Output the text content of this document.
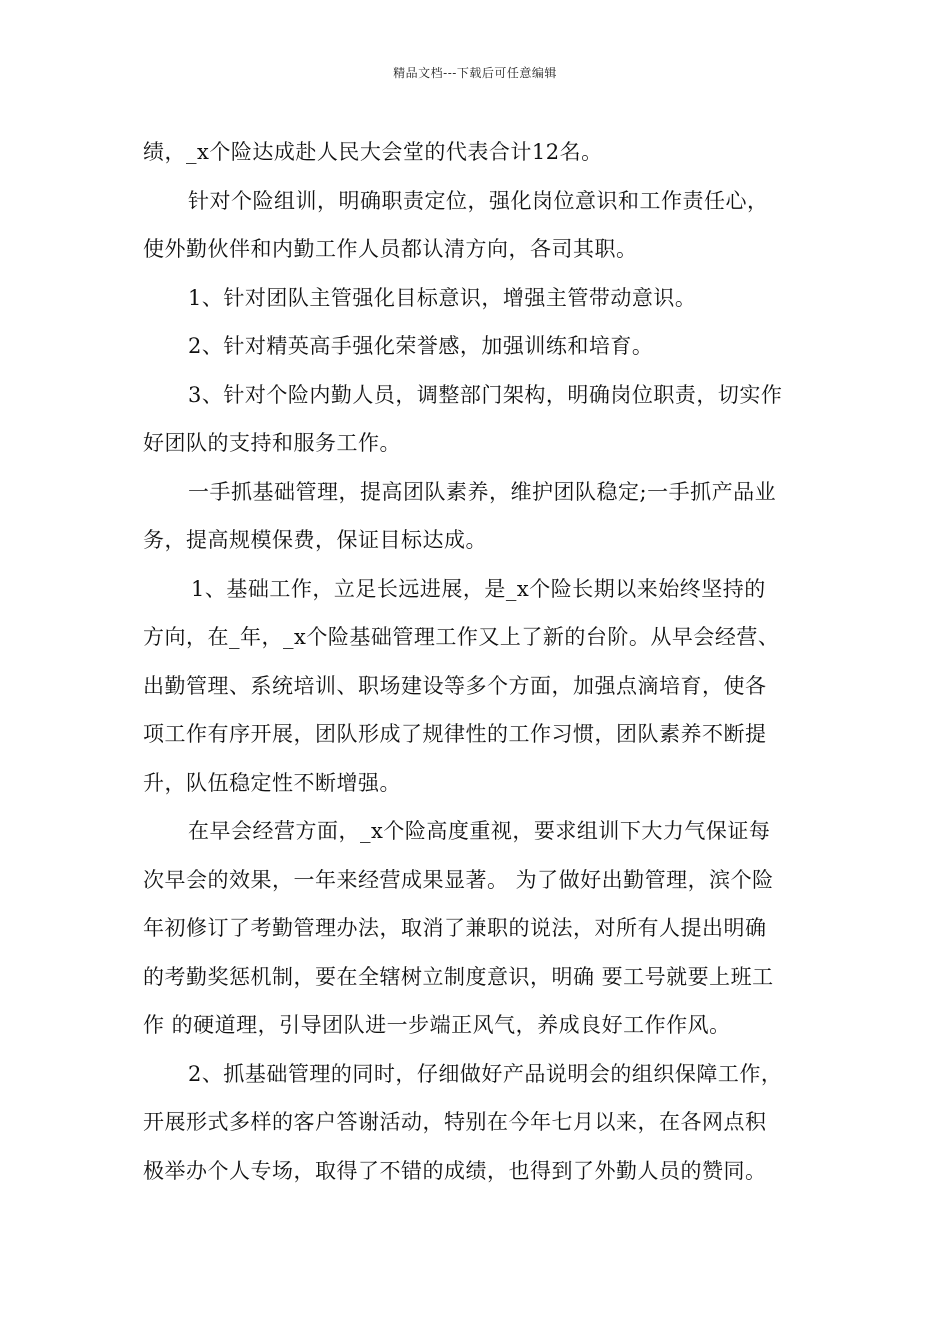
精品文档---下载后可任意编辑
绩，_x个险达成赴人民大会堂的代表合计12名。
针对个险组训，明确职责定位，强化岗位意识和工作责任心，
使外勤伙伴和内勤工作人员都认清方向，各司其职。
1、针对团队主管强化目标意识，增强主管带动意识。
2、针对精英高手强化荣誉感，加强训练和培育。
3、针对个险内勤人员，调整部门架构，明确岗位职责，切实作
好团队的支持和服务工作。
一手抓基础管理，提高团队素养，维护团队稳定;一手抓产品业
务，提高规模保费，保证目标达成。
1、基础工作，立足长远进展，是_x个险长期以来始终坚持的
方向，在_年，_x个险基础管理工作又上了新的台阶。从早会经营、
出勤管理、系统培训、职场建设等多个方面，加强点滴培育，使各
项工作有序开展，团队形成了规律性的工作习惯，团队素养不断提
升，队伍稳定性不断增强。
在早会经营方面，_x个险高度重视，要求组训下大力气保证每
次早会的效果，一年来经营成果显著。 为了做好出勤管理，滨个险
年初修订了考勤管理办法，取消了兼职的说法，对所有人提出明确
的考勤奖惩机制，要在全辖树立制度意识，明确 要工号就要上班工
作 的硬道理，引导团队进一步端正风气，养成良好工作作风。
2、抓基础管理的同时，仔细做好产品说明会的组织保障工作，
开展形式多样的客户答谢活动，特别在今年七月以来，在各网点积
极举办个人专场，取得了不错的成绩，也得到了外勤人员的赞同。
